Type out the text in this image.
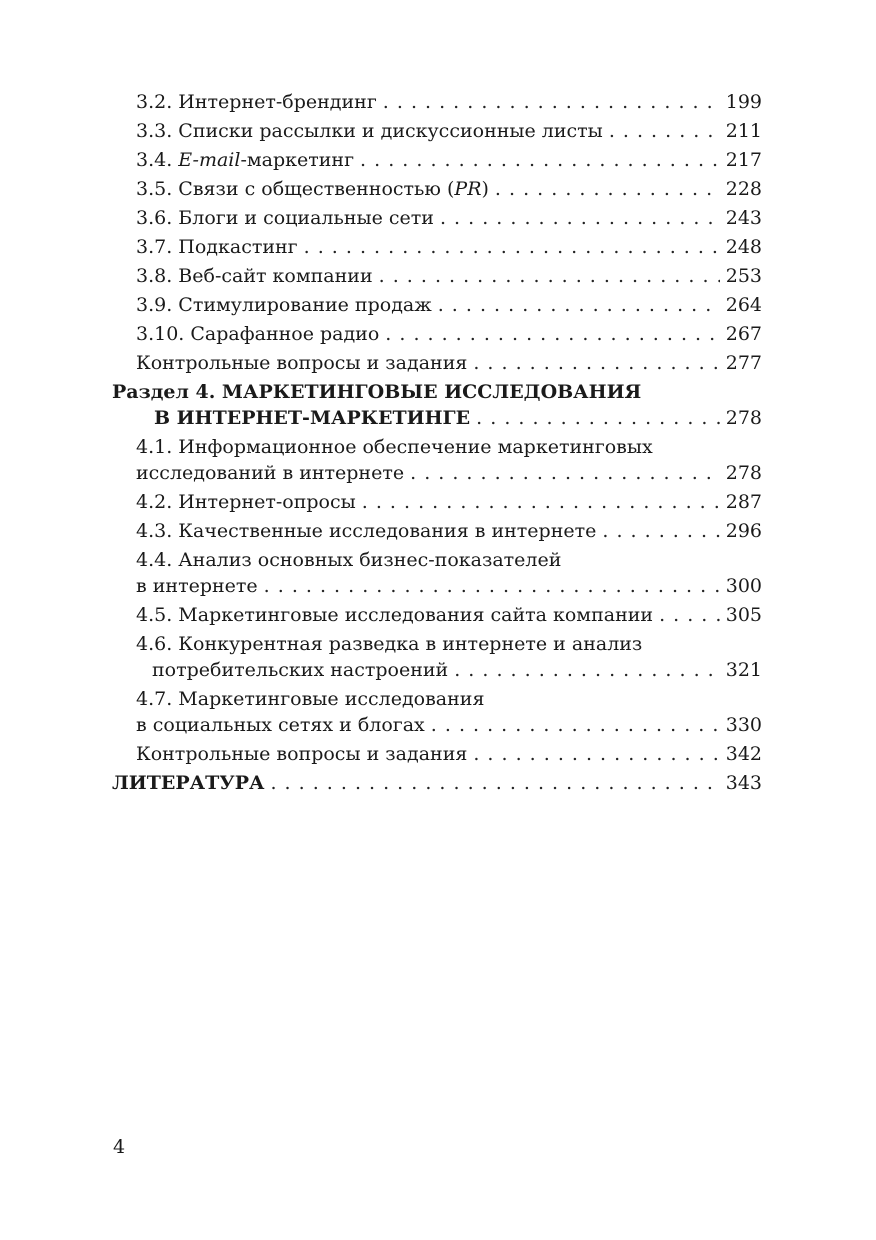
3.2. Интернет-брендинг . . .	199
3.3. Списки рассылки и дискуссионные листы . . .	211
3.4. E-mail-маркетинг . . .	217
3.5. Связи с общественностью (PR) . . .	228
3.6. Блоги и социальные сети . . .	243
3.7. Подкастинг . . .	248
3.8. Веб-сайт компании . . .	253
3.9. Стимулирование продаж . . .	264
3.10. Сарафанное радио . . .	267
Контрольные вопросы и задания . . .	277
Раздел 4. МАРКЕТИНГОВЫЕ ИССЛЕДОВАНИЯ
В ИНТЕРНЕТ-МАРКЕТИНГЕ . . .	278
4.1. Информационное обеспечение маркетинговых
исследований в интернете . . .	278
4.2. Интернет-опросы . . .	287
4.3. Качественные исследования в интернете . . .	296
4.4. Анализ основных бизнес-показателей
в интернете . . .	300
4.5. Маркетинговые исследования сайта компании . . .	305
4.6. Конкурентная разведка в интернете и анализ
потребительских настроений . . .	321
4.7. Маркетинговые исследования
в социальных сетях и блогах . . .	330
Контрольные вопросы и задания . . .	342
ЛИТЕРАТУРА . . .	343
4
